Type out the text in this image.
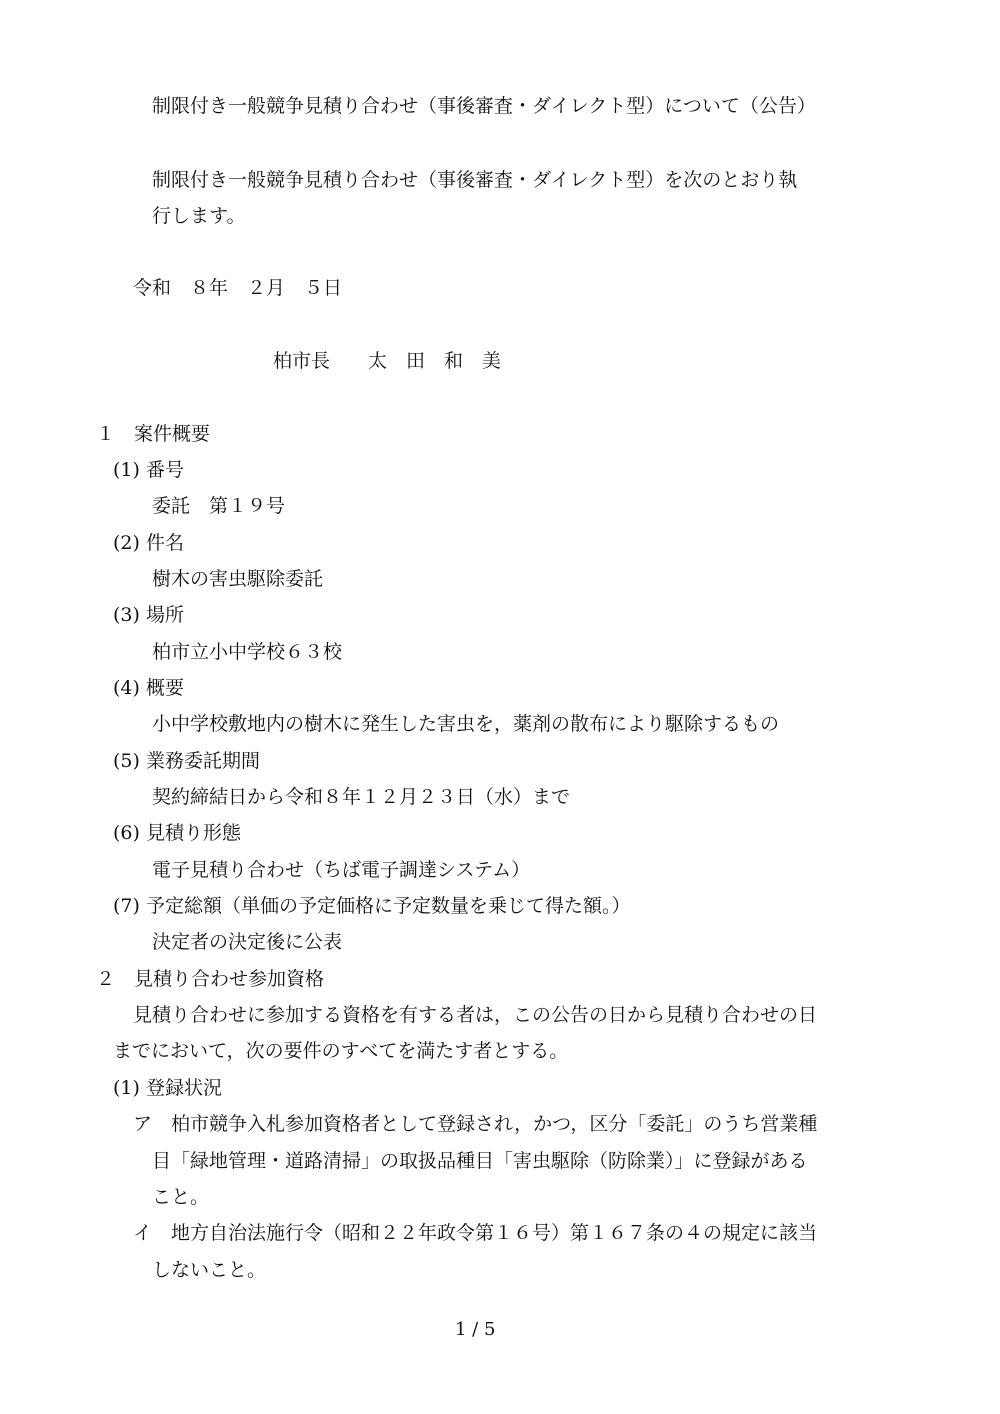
制限付き一般競争見積り合わせ（事後審査・ダイレクト型）について（公告）
制限付き一般競争見積り合わせ（事後審査・ダイレクト型）を次のとおり執
行します。
令和　８年　２月　５日
柏市長　　太　田　和　美
１　案件概要
(1) 番号
委託　第１９号
(2) 件名
樹木の害虫駆除委託
(3) 場所
柏市立小中学校６３校
(4) 概要
小中学校敷地内の樹木に発生した害虫を，薬剤の散布により駆除するもの
(5) 業務委託期間
契約締結日から令和８年１２月２３日（水）まで
(6) 見積り形態
電子見積り合わせ（ちば電子調達システム）
(7) 予定総額（単価の予定価格に予定数量を乗じて得た額。）
決定者の決定後に公表
２　見積り合わせ参加資格
見積り合わせに参加する資格を有する者は，この公告の日から見積り合わせの日
までにおいて，次の要件のすべてを満たす者とする。
(1) 登録状況
ア　柏市競争入札参加資格者として登録され，かつ，区分「委託」のうち営業種
目「緑地管理・道路清掃」の取扱品種目「害虫駆除（防除業）」に登録がある
こと。
イ　地方自治法施行令（昭和２２年政令第１６号）第１６７条の４の規定に該当
しないこと。
1 / 5
